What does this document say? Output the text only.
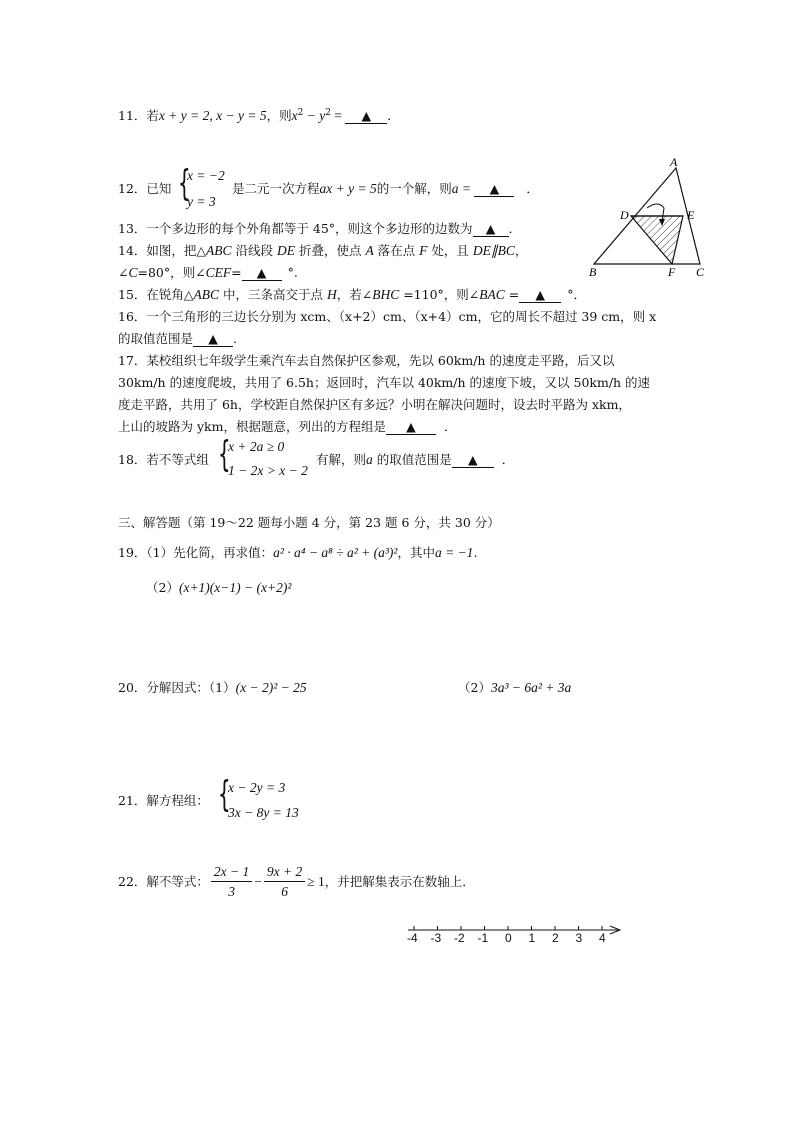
11．若x + y = 2, x − y = 5，则$x^2 - y^2$ = ▲ ．
12．已知 {
x = −2
y = 3
是二元一次方程ax + y = 5的一个解，则a = ▲ ．
13．一个多边形的每个外角都等于 45°，则这个多边形的边数为 ▲ ．
14．如图，把△ABC 沿线段 DE 折叠，使点 A 落在点 F 处，且 DE∥BC，
∠C=80°，则∠CEF= ▲ °.
A
D	E
B	F C
15．在锐角△ABC 中，三条高交于点 H，若∠BHC =110°，则∠BAC = ▲ °．
16．一个三角形的三边长分别为 xcm、（x+2）cm、（x+4）cm，它的周长不超过 39 cm，则 x
的取值范围是 ▲ .
17．某校组织七年级学生乘汽车去自然保护区参观，先以 60km/h 的速度走平路，后又以
30km/h 的速度爬坡，共用了 6.5h；返回时，汽车以 40km/h 的速度下坡，又以 50km/h 的速
度走平路，共用了 6h，学校距自然保护区有多远？小明在解决问题时，设去时平路为 xkm，
上山的坡路为 ykm，根据题意，列出的方程组是 ▲ ．
18．若不等式组 {
x + 2a ≥ 0
1 − 2x > x − 2
有解，则a 的取值范围是 ▲ ．
三、解答题（第 19～22 题每小题 4 分，第 23 题 6 分，共 30 分）
19．（1）先化简，再求值：a² · a⁴ − a⁸ ÷ a² + (a³)²，其中a = −1.
（2）(x+1)(x−1) − (x+2)²
20．分解因式：（1）(x − 2)² − 25	（2）3a³ − 6a² + 3a
21．解方程组： {
x − 2y = 3
3x − 8y = 13
22．解不等式： $\frac{2x - 1}{3} - \frac{9x + 2}{6} \ge 1$，并把解集表示在数轴上．
-4 -3 -2 -1 0 1 2 3 4
